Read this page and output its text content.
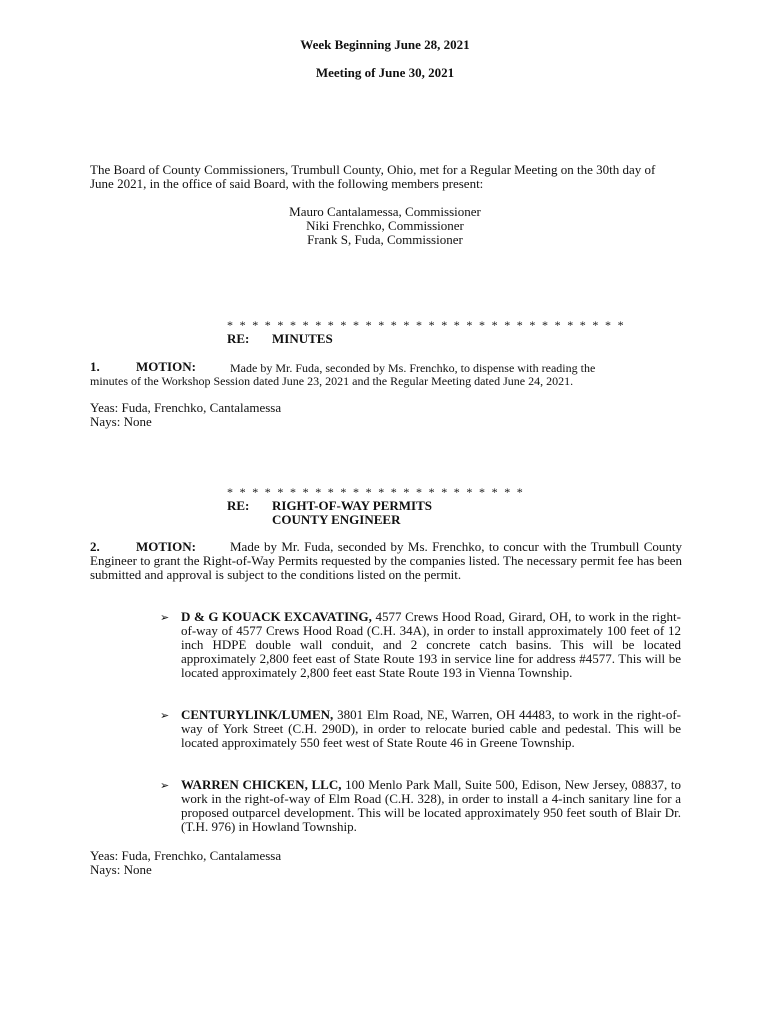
Week Beginning June 28, 2021
Meeting of June 30, 2021
The Board of County Commissioners, Trumbull County, Ohio, met for a Regular Meeting on the 30th day of June 2021, in the office of said Board, with the following members present:
Mauro Cantalamessa, Commissioner
Niki Frenchko, Commissioner
Frank S, Fuda, Commissioner
* * * * * * * * * * * * * * * * * * * * * * * * * * * * * * * *
RE: MINUTES
1.	MOTION:	Made by Mr. Fuda, seconded by Ms. Frenchko, to dispense with reading the
minutes of the Workshop Session dated June 23, 2021 and the Regular Meeting dated June 24, 2021.
Yeas: Fuda, Frenchko, Cantalamessa
Nays: None
* * * * * * * * * * * * * * * * * * * * * * * *
RE: RIGHT-OF-WAY PERMITS
COUNTY ENGINEER
Made by Mr. Fuda, seconded by Ms. Frenchko, to concur with the Trumbull County Engineer to grant the Right-of-Way Permits requested by the companies listed. The necessary permit fee has been submitted and approval is subject to the conditions listed on the permit.
2.	MOTION:
➢ D & G KOUACK EXCAVATING, 4577 Crews Hood Road, Girard, OH, to work in the right-of-way of 4577 Crews Hood Road (C.H. 34A), in order to install approximately 100 feet of 12 inch HDPE double wall conduit, and 2 concrete catch basins. This will be located approximately 2,800 feet east of State Route 193 in service line for address #4577. This will be located approximately 2,800 feet east State Route 193 in Vienna Township.

➢ CENTURYLINK/LUMEN, 3801 Elm Road, NE, Warren, OH 44483, to work in the right-of-way of York Street (C.H. 290D), in order to relocate buried cable and pedestal. This will be located approximately 550 feet west of State Route 46 in Greene Township.

➢ WARREN CHICKEN, LLC, 100 Menlo Park Mall, Suite 500, Edison, New Jersey, 08837, to work in the right-of-way of Elm Road (C.H. 328), in order to install a 4-inch sanitary line for a proposed outparcel development. This will be located approximately 950 feet south of Blair Dr. (T.H. 976) in Howland Township.

Yeas: Fuda, Frenchko, Cantalamessa
Nays: None
